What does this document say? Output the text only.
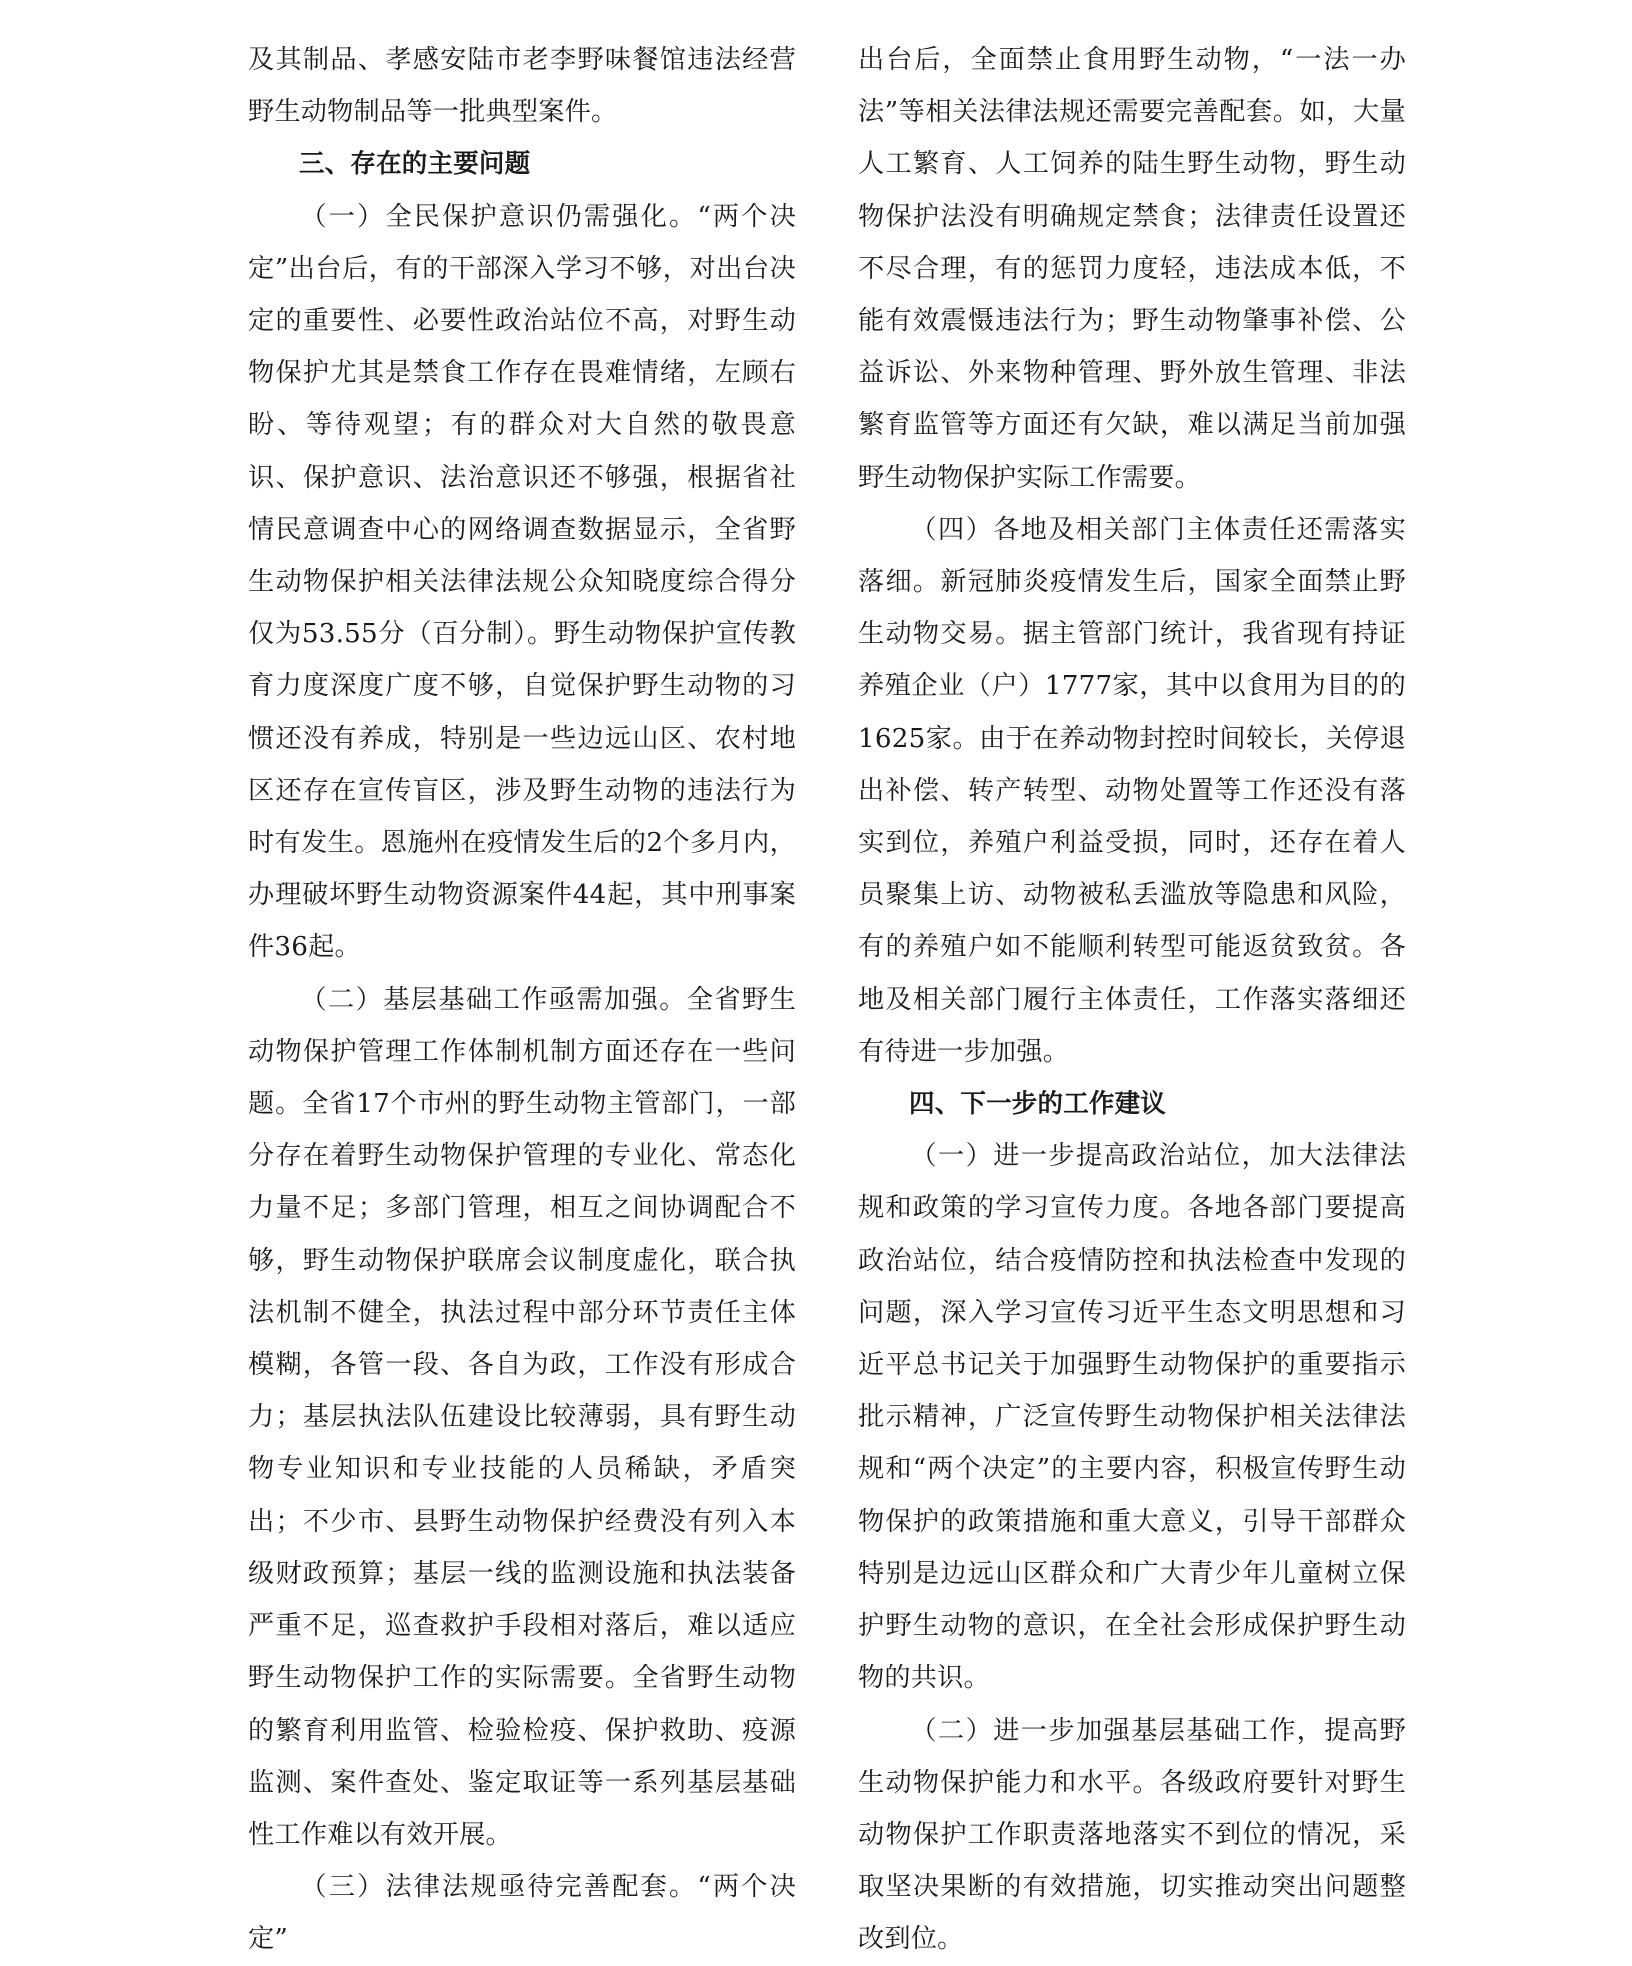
及其制品、孝感安陆市老李野味餐馆违法经营野生动物制品等一批典型案件。

三、存在的主要问题

（一）全民保护意识仍需强化。“两个决定”出台后，有的干部深入学习不够，对出台决定的重要性、必要性政治站位不高，对野生动物保护尤其是禁食工作存在畏难情绪，左顾右盼、等待观望；有的群众对大自然的敬畏意识、保护意识、法治意识还不够强，根据省社情民意调查中心的网络调查数据显示，全省野生动物保护相关法律法规公众知晓度综合得分仅为53.55分（百分制）。野生动物保护宣传教育力度深度广度不够，自觉保护野生动物的习惯还没有养成，特别是一些边远山区、农村地区还存在宣传盲区，涉及野生动物的违法行为时有发生。恩施州在疫情发生后的2个多月内，办理破坏野生动物资源案件44起，其中刑事案件36起。

（二）基层基础工作亟需加强。全省野生动物保护管理工作体制机制方面还存在一些问题。全省17个市州的野生动物主管部门，一部分存在着野生动物保护管理的专业化、常态化力量不足；多部门管理，相互之间协调配合不够，野生动物保护联席会议制度虚化，联合执法机制不健全，执法过程中部分环节责任主体模糊，各管一段、各自为政，工作没有形成合力；基层执法队伍建设比较薄弱，具有野生动物专业知识和专业技能的人员稀缺，矛盾突出；不少市、县野生动物保护经费没有列入本级财政预算；基层一线的监测设施和执法装备严重不足，巡查救护手段相对落后，难以适应野生动物保护工作的实际需要。全省野生动物的繁育利用监管、检验检疫、保护救助、疫源监测、案件查处、鉴定取证等一系列基层基础性工作难以有效开展。

（三）法律法规亟待完善配套。“两个决定”

出台后，全面禁止食用野生动物，“一法一办法”等相关法律法规还需要完善配套。如，大量人工繁育、人工饲养的陆生野生动物，野生动物保护法没有明确规定禁食；法律责任设置还不尽合理，有的惩罚力度轻，违法成本低，不能有效震慑违法行为；野生动物肇事补偿、公益诉讼、外来物种管理、野外放生管理、非法繁育监管等方面还有欠缺，难以满足当前加强野生动物保护实际工作需要。

（四）各地及相关部门主体责任还需落实落细。新冠肺炎疫情发生后，国家全面禁止野生动物交易。据主管部门统计，我省现有持证养殖企业（户）1777家，其中以食用为目的的1625家。由于在养动物封控时间较长，关停退出补偿、转产转型、动物处置等工作还没有落实到位，养殖户利益受损，同时，还存在着人员聚集上访、动物被私丢滥放等隐患和风险，有的养殖户如不能顺利转型可能返贫致贫。各地及相关部门履行主体责任，工作落实落细还有待进一步加强。

四、下一步的工作建议

（一）进一步提高政治站位，加大法律法规和政策的学习宣传力度。各地各部门要提高政治站位，结合疫情防控和执法检查中发现的问题，深入学习宣传习近平生态文明思想和习近平总书记关于加强野生动物保护的重要指示批示精神，广泛宣传野生动物保护相关法律法规和“两个决定”的主要内容，积极宣传野生动物保护的政策措施和重大意义，引导干部群众特别是边远山区群众和广大青少年儿童树立保护野生动物的意识，在全社会形成保护野生动物的共识。

（二）进一步加强基层基础工作，提高野生动物保护能力和水平。各级政府要针对野生动物保护工作职责落地落实不到位的情况，采取坚决果断的有效措施，切实推动突出问题整改到位。
